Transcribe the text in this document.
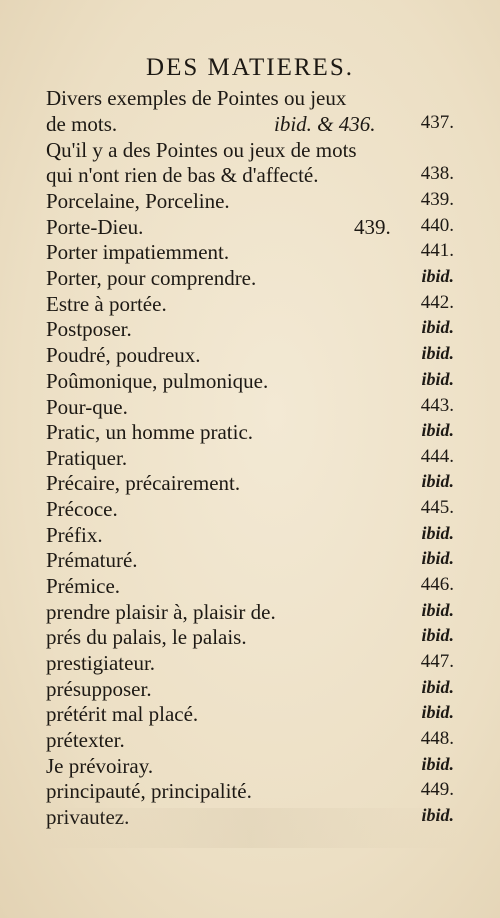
DES MATIERES.
Divers exemples de Pointes ou jeux
de mots.	ibid. & 436. 437.
Qu'il y a des Pointes ou jeux de mots
qui n'ont rien de bas & d'affecté.	438.
Porcelaine, Porceline.	439.
Porte-Dieu.	439. 440.
Porter impatiemment.	441.
Porter, pour comprendre.	ibid.
Estre à portée.	442.
Postposer.	ibid.
Poudré, poudreux.	ibid.
Poûmonique, pulmonique.	ibid.
Pour-que.	443.
Pratic, un homme pratic.	ibid.
Pratiquer.	444.
Précaire, précairement.	ibid.
Précoce.	445.
Préfix.	ibid.
Prématuré.	ibid.
Prémice.	446.
prendre plaisir à, plaisir de.	ibid.
prés du palais, le palais.	ibid.
prestigiateur.	447.
présupposer.	ibid.
prétérit mal placé.	ibid.
prétexter.	448.
Je prévoiray.	ibid.
principauté, principalité.	449.
privautez.	ibid.
